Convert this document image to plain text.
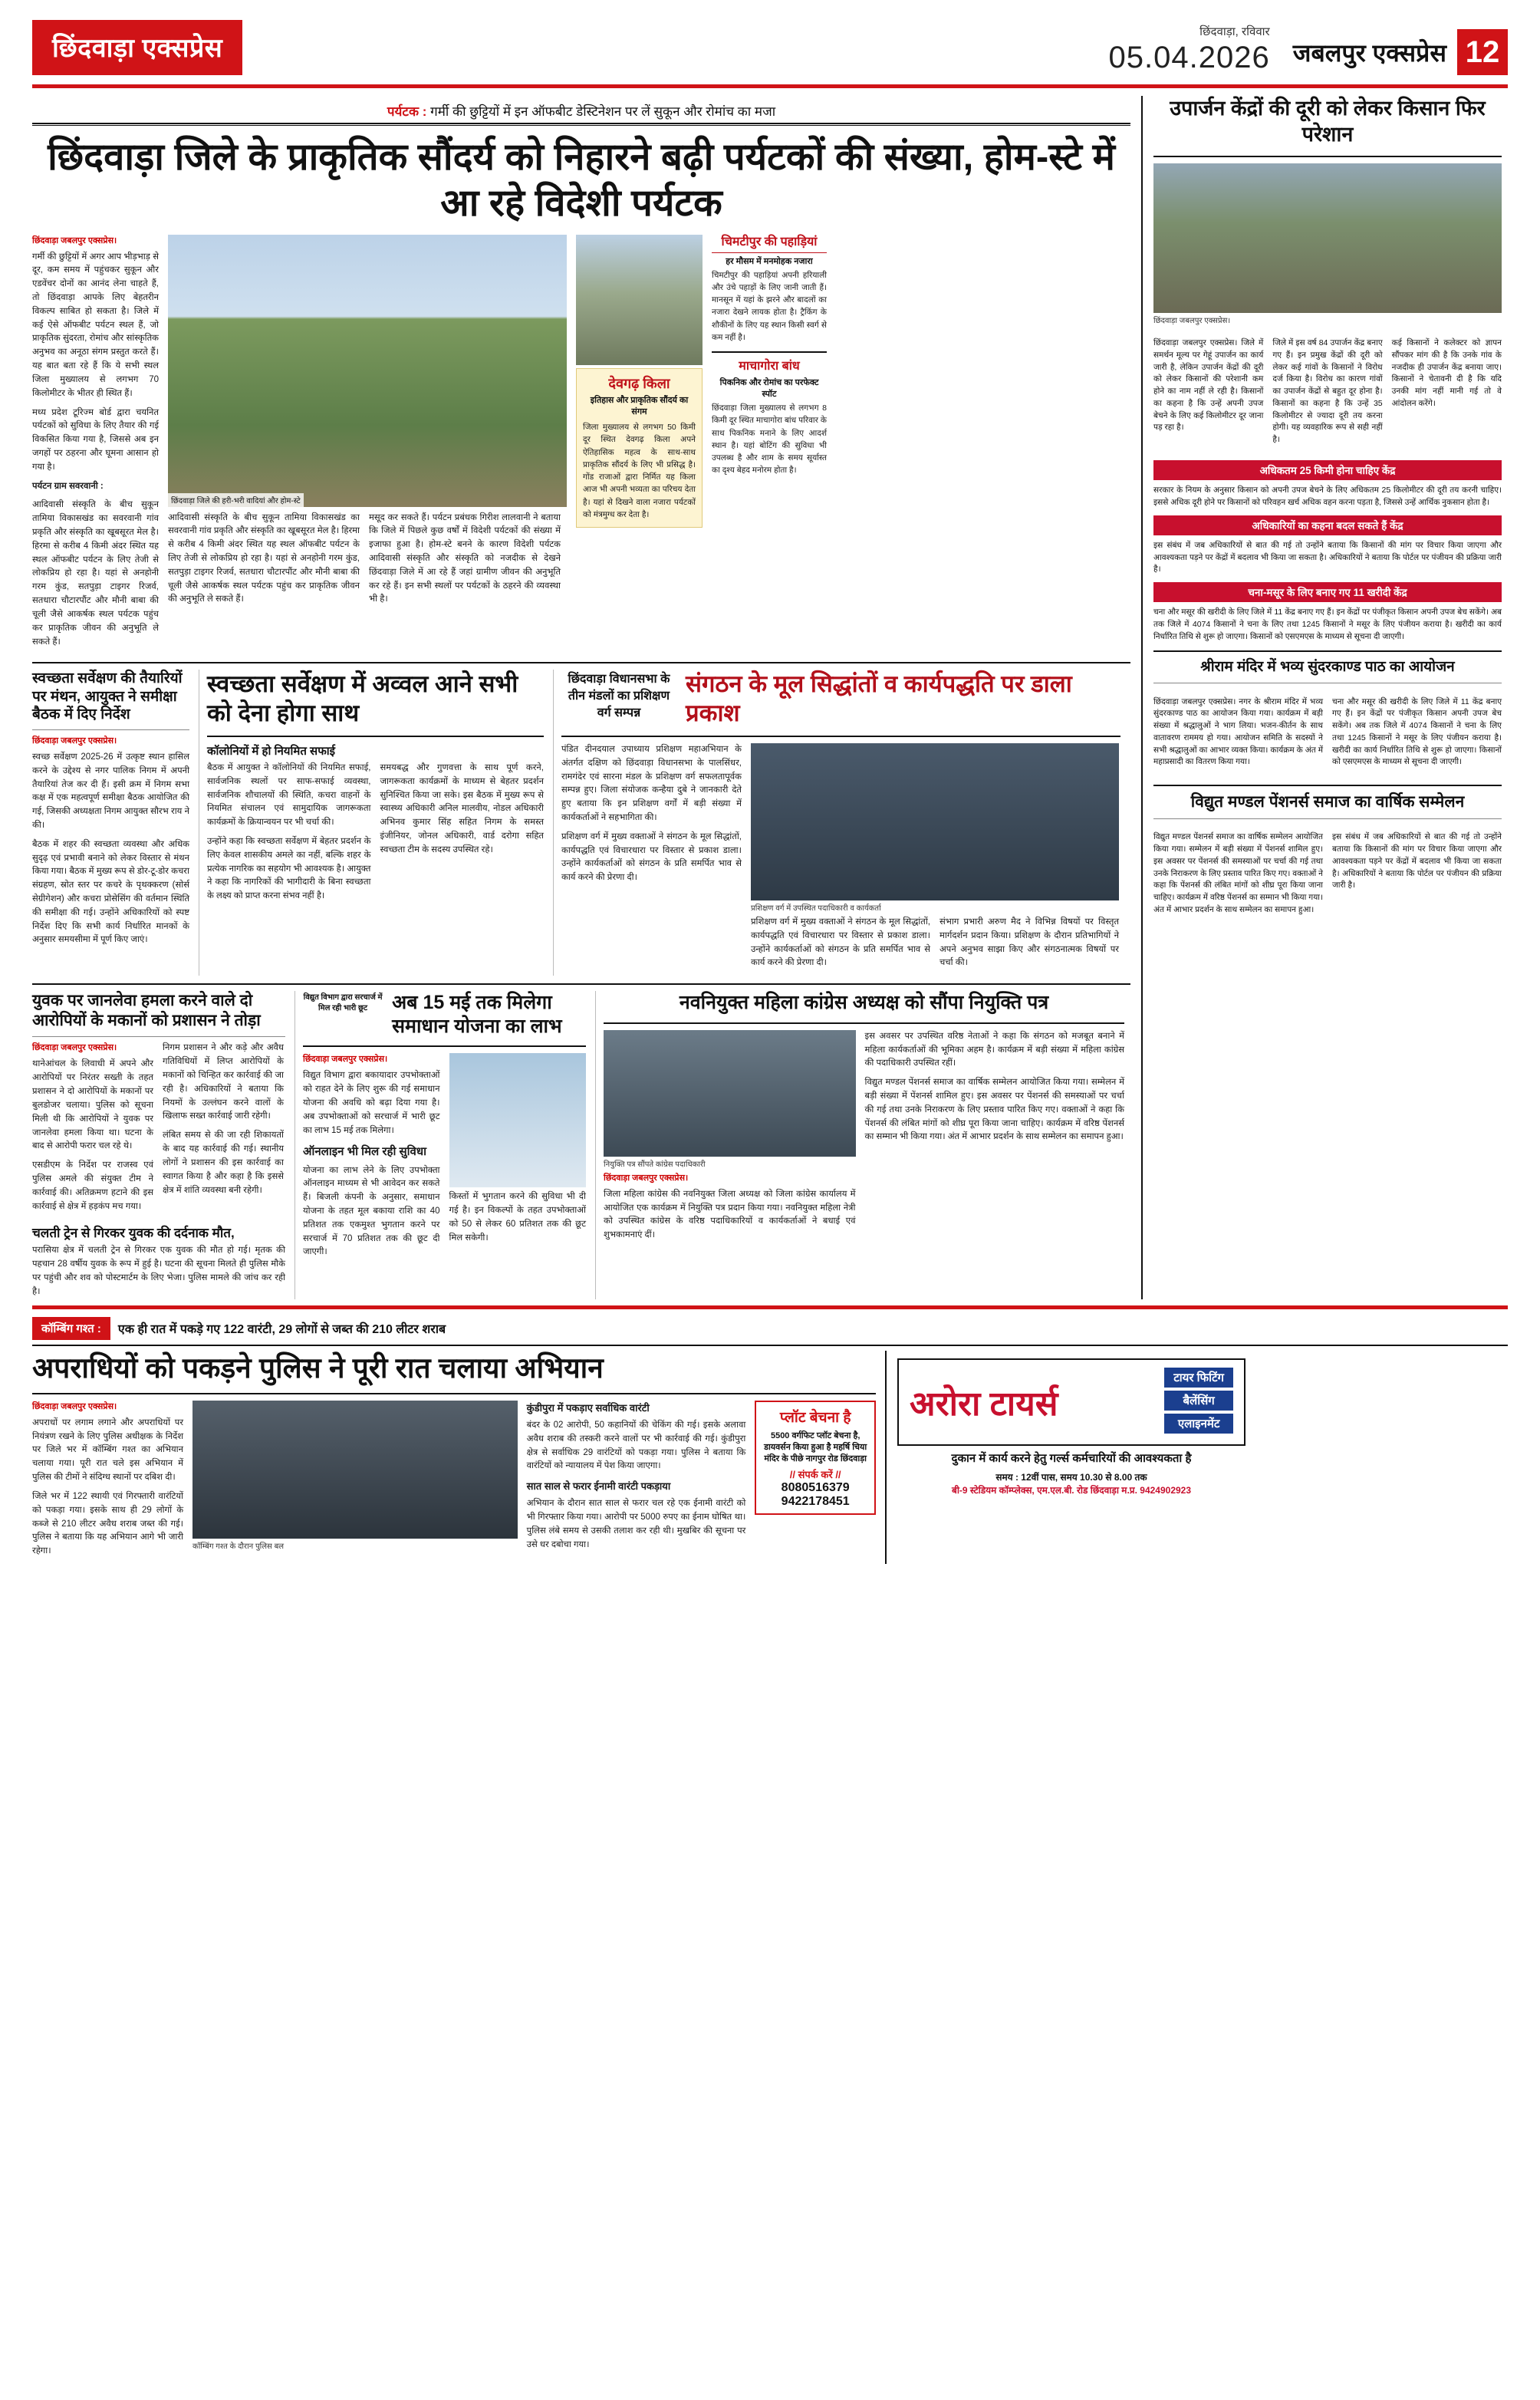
छिंदवाड़ा एक्सप्रेस
छिंदवाड़ा, रविवार
05.04.2026 जबलपुर एक्सप्रेस 12
पर्यटक : गर्मी की छुट्टियों में इन ऑफबीट डेस्टिनेशन पर लें सुकून और रोमांच का मजा
छिंदवाड़ा जिले के प्राकृतिक सौंदर्य को निहारने बढ़ी पर्यटकों की संख्या, होम-स्टे में आ रहे विदेशी पर्यटक
छिंदवाड़ा जबलपुर एक्सप्रेस।

गर्मी की छुट्टियों में अगर आप भीड़भाड़ से दूर, कम समय में पहुंचकर सुकून और एडवेंचर दोनों का आनंद लेना चाहते हैं, तो छिंदवाड़ा आपके लिए बेहतरीन विकल्प साबित हो सकता है। जिले में कई ऐसे ऑफबीट पर्यटन स्थल हैं, जो प्राकृतिक सुंदरता, रोमांच और सांस्कृतिक अनुभव का अनूठा संगम प्रस्तुत करते हैं। यह बात बता रहे हैं कि ये सभी स्थल जिला मुख्यालय से लगभग 70 किलोमीटर के भीतर ही स्थित हैं।

मध्य प्रदेश टूरिज्म बोर्ड द्वारा चयनित पर्यटकों को सुविधा के लिए तैयार की गई विकसित किया गया है, जिससे अब इन जगहों पर ठहरना और घूमना आसान हो गया है।

पर्यटन ग्राम सवरवानी :

आदिवासी संस्कृति के बीच सुकून तामिया विकासखंड का सवरवानी गांव प्रकृति और संस्कृति का खूबसूरत मेल है। हिरमा से करीब 4 किमी अंदर स्थित यह स्थल ऑफबीट पर्यटन के लिए तेजी से लोकप्रिय हो रहा है। यहां से अनहोनी गरम कुंड, सतपुड़ा टाइगर रिजर्व, सतधारा चौटारपौंट और मौनी बाबा की चूली जैसे आकर्षक स्थल पर्यटक पहुंच कर प्राकृतिक जीवन की अनुभूति ले सकते हैं।

छिंदवाड़ा जिले की हरी-भरी वादियां और होम-स्टे

आदिवासी संस्कृति के बीच सुकून तामिया विकासखंड का सवरवानी गांव प्रकृति और संस्कृति का खूबसूरत मेल है। हिरमा से करीब 4 किमी अंदर स्थित यह स्थल ऑफबीट पर्यटन के लिए तेजी से लोकप्रिय हो रहा है। यहां से अनहोनी गरम कुंड, सतपुड़ा टाइगर रिजर्व, सतधारा चौटारपौंट और मौनी बाबा की चूली जैसे आकर्षक स्थल पर्यटक पहुंच कर प्राकृतिक जीवन की अनुभूति ले सकते हैं।

मसूद कर सकते हैं। पर्यटन प्रबंधक गिरीश लालवानी ने बताया कि जिले में पिछले कुछ वर्षों में विदेशी पर्यटकों की संख्या में इजाफा हुआ है। होम-स्टे बनने के कारण विदेशी पर्यटक आदिवासी संस्कृति और संस्कृति को नजदीक से देखने छिंदवाड़ा जिले में आ रहे हैं जहां ग्रामीण जीवन की अनुभूति कर रहे हैं। इन सभी स्थलों पर पर्यटकों के ठहरने की व्यवस्था भी है।

देवगढ़ किला
इतिहास और प्राकृतिक सौंदर्य का संगम
जिला मुख्यालय से लगभग 50 किमी दूर स्थित देवगढ़ किला अपने ऐतिहासिक महत्व के साथ-साथ प्राकृतिक सौंदर्य के लिए भी प्रसिद्ध है। गोंड राजाओं द्वारा निर्मित यह किला आज भी अपनी भव्यता का परिचय देता है। यहां से दिखने वाला नजारा पर्यटकों को मंत्रमुग्ध कर देता है।
चिमटीपुर की पहाड़ियां
हर मौसम में मनमोहक नजारा
चिमटीपुर की पहाड़ियां अपनी हरियाली और उंचे पहाड़ों के लिए जानी जाती हैं। मानसून में यहां के झरने और बादलों का नजारा देखने लायक होता है। ट्रैकिंग के शौकीनों के लिए यह स्थान किसी स्वर्ग से कम नहीं है।
माचागोरा बांध
पिकनिक और रोमांच का परफेक्ट स्पॉट
छिंदवाड़ा जिला मुख्यालय से लगभग 8 किमी दूर स्थित माचागोरा बांध परिवार के साथ पिकनिक मनाने के लिए आदर्श स्थान है। यहां बोटिंग की सुविधा भी उपलब्ध है और शाम के समय सूर्यास्त का दृश्य बेहद मनोरम होता है।
स्वच्छता सर्वेक्षण की तैयारियों पर मंथन, आयुक्त ने समीक्षा बैठक में दिए निर्देश
छिंदवाड़ा जबलपुर एक्सप्रेस।

स्वच्छ सर्वेक्षण 2025-26 में उत्कृष्ट स्थान हासिल करने के उद्देश्य से नगर पालिक निगम में अपनी तैयारियां तेज कर दी हैं। इसी क्रम में निगम सभा कक्ष में एक महत्वपूर्ण समीक्षा बैठक आयोजित की गई, जिसकी अध्यक्षता निगम आयुक्त सौरभ राय ने की।

बैठक में शहर की स्वच्छता व्यवस्था और अधिक सुदृढ़ एवं प्रभावी बनाने को लेकर विस्तार से मंथन किया गया। बैठक में मुख्य रूप से डोर-टू-डोर कचरा संग्रहण, स्रोत स्तर पर कचरे के पृथक्करण (सोर्स सेग्रीगेशन) और कचरा प्रोसेसिंग की वर्तमान स्थिति की समीक्षा की गई। उन्होंने अधिकारियों को स्पष्ट निर्देश दिए कि सभी कार्य निर्धारित मानकों के अनुसार समयसीमा में पूर्ण किए जाएं।

स्वच्छता सर्वेक्षण में अव्वल आने सभी को देना होगा साथ
कॉलोनियों में हो नियमित सफाई

बैठक में आयुक्त ने कॉलोनियों की नियमित सफाई, सार्वजनिक स्थलों पर साफ-सफाई व्यवस्था, सार्वजनिक शौचालयों की स्थिति, कचरा वाहनों के नियमित संचालन एवं सामुदायिक जागरूकता कार्यक्रमों के क्रियान्वयन पर भी चर्चा की।

उन्होंने कहा कि स्वच्छता सर्वेक्षण में बेहतर प्रदर्शन के लिए केवल शासकीय अमले का नहीं, बल्कि शहर के प्रत्येक नागरिक का सहयोग भी आवश्यक है। आयुक्त ने कहा कि नागरिकों की भागीदारी के बिना स्वच्छता के लक्ष्य को प्राप्त करना संभव नहीं है।

समयबद्ध और गुणवत्ता के साथ पूर्ण करने, जागरूकता कार्यक्रमों के माध्यम से बेहतर प्रदर्शन सुनिश्चित किया जा सके। इस बैठक में मुख्य रूप से स्वास्थ्य अधिकारी अनिल मालवीय, नोडल अधिकारी अभिनव कुमार सिंह सहित निगम के समस्त इंजीनियर, जोनल अधिकारी, वार्ड दरोगा सहित स्वच्छता टीम के सदस्य उपस्थित रहे।

छिंदवाड़ा विधानसभा के तीन मंडलों का प्रशिक्षण वर्ग सम्पन्न
संगठन के मूल सिद्धांतों व कार्यपद्धति पर डाला प्रकाश

पंडित दीनदयाल उपाध्याय प्रशिक्षण महाअभियान के अंतर्गत दक्षिण को छिंदवाड़ा विधानसभा के पालसिंधर, रामगंदेर एवं सारना मंडल के प्रशिक्षण वर्ग सफलतापूर्वक सम्पन्न हुए। जिला संयोजक कन्हैया दुबे ने जानकारी देते हुए बताया कि इन प्रशिक्षण वर्गों में बड़ी संख्या में कार्यकर्ताओं ने सहभागिता की।

प्रशिक्षण वर्ग में मुख्य वक्ताओं ने संगठन के मूल सिद्धांतों, कार्यपद्धति एवं विचारधारा पर विस्तार से प्रकाश डाला। उन्होंने कार्यकर्ताओं को संगठन के प्रति समर्पित भाव से कार्य करने की प्रेरणा दी।

प्रशिक्षण वर्ग में उपस्थित पदाधिकारी व कार्यकर्ता

प्रशिक्षण वर्ग में मुख्य वक्ताओं ने संगठन के मूल सिद्धांतों, कार्यपद्धति एवं विचारधारा पर विस्तार से प्रकाश डाला। उन्होंने कार्यकर्ताओं को संगठन के प्रति समर्पित भाव से कार्य करने की प्रेरणा दी।

संभाग प्रभारी अरुण मैद ने विभिन्न विषयों पर विस्तृत मार्गदर्शन प्रदान किया। प्रशिक्षण के दौरान प्रतिभागियों ने अपने अनुभव साझा किए और संगठनात्मक विषयों पर चर्चा की।

युवक पर जानलेवा हमला करने वाले दो आरोपियों के मकानों को प्रशासन ने तोड़ा
छिंदवाड़ा जबलपुर एक्सप्रेस।

थानेआंचल के लिवाधी में अपने और आरोपियों पर निरंतर सख्ती के तहत प्रशासन ने दो आरोपियों के मकानों पर बुलडोजर चलाया। पुलिस को सूचना मिली थी कि आरोपियों ने युवक पर जानलेवा हमला किया था। घटना के बाद से आरोपी फरार चल रहे थे।

एसडीएम के निर्देश पर राजस्व एवं पुलिस अमले की संयुक्त टीम ने कार्रवाई की। अतिक्रमण हटाने की इस कार्रवाई से क्षेत्र में हड़कंप मच गया।

निगम प्रशासन ने और कड़े और अवैध गतिविधियों में लिप्त आरोपियों के मकानों को चिन्हित कर कार्रवाई की जा रही है। अधिकारियों ने बताया कि नियमों के उल्लंघन करने वालों के खिलाफ सख्त कार्रवाई जारी रहेगी।

लंबित समय से की जा रही शिकायतों के बाद यह कार्रवाई की गई। स्थानीय लोगों ने प्रशासन की इस कार्रवाई का स्वागत किया है और कहा है कि इससे क्षेत्र में शांति व्यवस्था बनी रहेगी।

चलती ट्रेन से गिरकर युवक की दर्दनाक मौत,
परासिया क्षेत्र में चलती ट्रेन से गिरकर एक युवक की मौत हो गई। मृतक की पहचान 28 वर्षीय युवक के रूप में हुई है। घटना की सूचना मिलते ही पुलिस मौके पर पहुंची और शव को पोस्टमार्टम के लिए भेजा। पुलिस मामले की जांच कर रही है।
विद्युत विभाग द्वारा सरचार्ज में मिल रही भारी छूट	अब 15 मई तक मिलेगा समाधान योजना का लाभ
छिंदवाड़ा जबलपुर एक्सप्रेस।

विद्युत विभाग द्वारा बकायादार उपभोक्ताओं को राहत देने के लिए शुरू की गई समाधान योजना की अवधि को बढ़ा दिया गया है। अब उपभोक्ताओं को सरचार्ज में भारी छूट का लाभ 15 मई तक मिलेगा।

ऑनलाइन भी मिल रही सुविधा

योजना का लाभ लेने के लिए उपभोक्ता ऑनलाइन माध्यम से भी आवेदन कर सकते हैं। बिजली कंपनी के अनुसार, समाधान योजना के तहत मूल बकाया राशि का 40 प्रतिशत तक एकमुश्त भुगतान करने पर सरचार्ज में 70 प्रतिशत तक की छूट दी जाएगी।

किस्तों में भुगतान करने की सुविधा भी दी गई है। इन विकल्पों के तहत उपभोक्ताओं को 50 से लेकर 60 प्रतिशत तक की छूट मिल सकेगी।

नवनियुक्त महिला कांग्रेस अध्यक्ष को सौंपा नियुक्ति पत्र
नियुक्ति पत्र सौंपते कांग्रेस पदाधिकारी
छिंदवाड़ा जबलपुर एक्सप्रेस।

जिला महिला कांग्रेस की नवनियुक्त जिला अध्यक्ष को जिला कांग्रेस कार्यालय में आयोजित एक कार्यक्रम में नियुक्ति पत्र प्रदान किया गया। नवनियुक्त महिला नेत्री को उपस्थित कांग्रेस के वरिष्ठ पदाधिकारियों व कार्यकर्ताओं ने बधाई एवं शुभकामनाएं दीं।

इस अवसर पर उपस्थित वरिष्ठ नेताओं ने कहा कि संगठन को मजबूत बनाने में महिला कार्यकर्ताओं की भूमिका अहम है। कार्यक्रम में बड़ी संख्या में महिला कांग्रेस की पदाधिकारी उपस्थित रहीं।

विद्युत मण्डल पेंशनर्स समाज का वार्षिक सम्मेलन आयोजित किया गया। सम्मेलन में बड़ी संख्या में पेंशनर्स शामिल हुए। इस अवसर पर पेंशनर्स की समस्याओं पर चर्चा की गई तथा उनके निराकरण के लिए प्रस्ताव पारित किए गए। वक्ताओं ने कहा कि पेंशनर्स की लंबित मांगों को शीघ्र पूरा किया जाना चाहिए। कार्यक्रम में वरिष्ठ पेंशनर्स का सम्मान भी किया गया। अंत में आभार प्रदर्शन के साथ सम्मेलन का समापन हुआ।

उपार्जन केंद्रों की दूरी को लेकर किसान फिर परेशान
छिंदवाड़ा जबलपुर एक्सप्रेस।

छिंदवाड़ा जबलपुर एक्सप्रेस। जिले में समर्थन मूल्य पर गेहूं उपार्जन का कार्य जारी है, लेकिन उपार्जन केंद्रों की दूरी को लेकर किसानों की परेशानी कम होने का नाम नहीं ले रही है। किसानों का कहना है कि उन्हें अपनी उपज बेचने के लिए कई किलोमीटर दूर जाना पड़ रहा है।

जिले में इस वर्ष 84 उपार्जन केंद्र बनाए गए हैं। इन प्रमुख केंद्रों की दूरी को लेकर कई गांवों के किसानों ने विरोध दर्ज किया है। विरोध का कारण गांवों का उपार्जन केंद्रों से बहुत दूर होना है। किसानों का कहना है कि उन्हें 35 किलोमीटर से ज्यादा दूरी तय करना होगी। यह व्यवहारिक रूप से सही नहीं है।

कई किसानों ने कलेक्टर को ज्ञापन सौंपकर मांग की है कि उनके गांव के नजदीक ही उपार्जन केंद्र बनाया जाए। किसानों ने चेतावनी दी है कि यदि उनकी मांग नहीं मानी गई तो वे आंदोलन करेंगे।

अधिकतम 25 किमी होना चाहिए केंद्र
सरकार के नियम के अनुसार किसान को अपनी उपज बेचने के लिए अधिकतम 25 किलोमीटर की दूरी तय करनी चाहिए। इससे अधिक दूरी होने पर किसानों को परिवहन खर्च अधिक वहन करना पड़ता है, जिससे उन्हें आर्थिक नुकसान होता है।
अधिकारियों का कहना बदल सकते हैं केंद्र
इस संबंध में जब अधिकारियों से बात की गई तो उन्होंने बताया कि किसानों की मांग पर विचार किया जाएगा और आवश्यकता पड़ने पर केंद्रों में बदलाव भी किया जा सकता है। अधिकारियों ने बताया कि पोर्टल पर पंजीयन की प्रक्रिया जारी है।
चना-मसूर के लिए बनाए गए 11 खरीदी केंद्र
चना और मसूर की खरीदी के लिए जिले में 11 केंद्र बनाए गए हैं। इन केंद्रों पर पंजीकृत किसान अपनी उपज बेच सकेंगे। अब तक जिले में 4074 किसानों ने चना के लिए तथा 1245 किसानों ने मसूर के लिए पंजीयन कराया है। खरीदी का कार्य निर्धारित तिथि से शुरू हो जाएगा। किसानों को एसएमएस के माध्यम से सूचना दी जाएगी।
श्रीराम मंदिर में भव्य सुंदरकाण्ड पाठ का आयोजन

छिंदवाड़ा जबलपुर एक्सप्रेस। नगर के श्रीराम मंदिर में भव्य सुंदरकाण्ड पाठ का आयोजन किया गया। कार्यक्रम में बड़ी संख्या में श्रद्धालुओं ने भाग लिया। भजन-कीर्तन के साथ वातावरण राममय हो गया। आयोजन समिति के सदस्यों ने सभी श्रद्धालुओं का आभार व्यक्त किया। कार्यक्रम के अंत में महाप्रसादी का वितरण किया गया।

चना और मसूर की खरीदी के लिए जिले में 11 केंद्र बनाए गए हैं। इन केंद्रों पर पंजीकृत किसान अपनी उपज बेच सकेंगे। अब तक जिले में 4074 किसानों ने चना के लिए तथा 1245 किसानों ने मसूर के लिए पंजीयन कराया है। खरीदी का कार्य निर्धारित तिथि से शुरू हो जाएगा। किसानों को एसएमएस के माध्यम से सूचना दी जाएगी।

विद्युत मण्डल पेंशनर्स समाज का वार्षिक सम्मेलन

विद्युत मण्डल पेंशनर्स समाज का वार्षिक सम्मेलन आयोजित किया गया। सम्मेलन में बड़ी संख्या में पेंशनर्स शामिल हुए। इस अवसर पर पेंशनर्स की समस्याओं पर चर्चा की गई तथा उनके निराकरण के लिए प्रस्ताव पारित किए गए। वक्ताओं ने कहा कि पेंशनर्स की लंबित मांगों को शीघ्र पूरा किया जाना चाहिए। कार्यक्रम में वरिष्ठ पेंशनर्स का सम्मान भी किया गया। अंत में आभार प्रदर्शन के साथ सम्मेलन का समापन हुआ।

इस संबंध में जब अधिकारियों से बात की गई तो उन्होंने बताया कि किसानों की मांग पर विचार किया जाएगा और आवश्यकता पड़ने पर केंद्रों में बदलाव भी किया जा सकता है। अधिकारियों ने बताया कि पोर्टल पर पंजीयन की प्रक्रिया जारी है।

कॉम्बिंग गश्त :	एक ही रात में पकड़े गए 122 वारंटी, 29 लोगों से जब्त की 210 लीटर शराब
अपराधियों को पकड़ने पुलिस ने पूरी रात चलाया अभियान
छिंदवाड़ा जबलपुर एक्सप्रेस।

अपराधों पर लगाम लगाने और अपराधियों पर नियंत्रण रखने के लिए पुलिस अधीक्षक के निर्देश पर जिले भर में कॉम्बिंग गश्त का अभियान चलाया गया। पूरी रात चले इस अभियान में पुलिस की टीमों ने संदिग्ध स्थानों पर दबिश दी।

जिले भर में 122 स्थायी एवं गिरफ्तारी वारंटियों को पकड़ा गया। इसके साथ ही 29 लोगों के कब्जे से 210 लीटर अवैध शराब जब्त की गई। पुलिस ने बताया कि यह अभियान आगे भी जारी रहेगा।	कॉम्बिंग गश्त के दौरान पुलिस बल
कुंडीपुरा में पकड़ाए सर्वाधिक वारंटी

बंदर के 02 आरोपी, 50 कहानियों की चेकिंग की गई। इसके अलावा अवैध शराब की तस्करी करने वालों पर भी कार्रवाई की गई। कुंडीपुरा क्षेत्र से सर्वाधिक 29 वारंटियों को पकड़ा गया। पुलिस ने बताया कि वारंटियों को न्यायालय में पेश किया जाएगा।

सात साल से फरार ईनामी वारंटी पकड़ाया

अभियान के दौरान सात साल से फरार चल रहे एक ईनामी वारंटी को भी गिरफ्तार किया गया। आरोपी पर 5000 रुपए का ईनाम घोषित था। पुलिस लंबे समय से उसकी तलाश कर रही थी। मुखबिर की सूचना पर उसे धर दबोचा गया।

प्लॉट बेचना है
5500 वर्गफिट प्लॉट बेचना है, डायवर्सन किया हुआ है महर्षि चिया मंदिर के पीछे नागपुर रोड छिंदवाड़ा
// संपर्क करें //
8080516379
9422178451
अरोरा टायर्स
टायर फिटिंग
बैलेंसिंग
एलाइनमेंट
दुकान में कार्य करने हेतु गर्ल्स कर्मचारियों की आवश्यकता है
समय : 12वीं पास, समय 10.30 से 8.00 तक
बी-9 स्टेडियम कॉम्प्लेक्स, एम.एल.बी. रोड छिंदवाड़ा म.प्र. 9424902923
